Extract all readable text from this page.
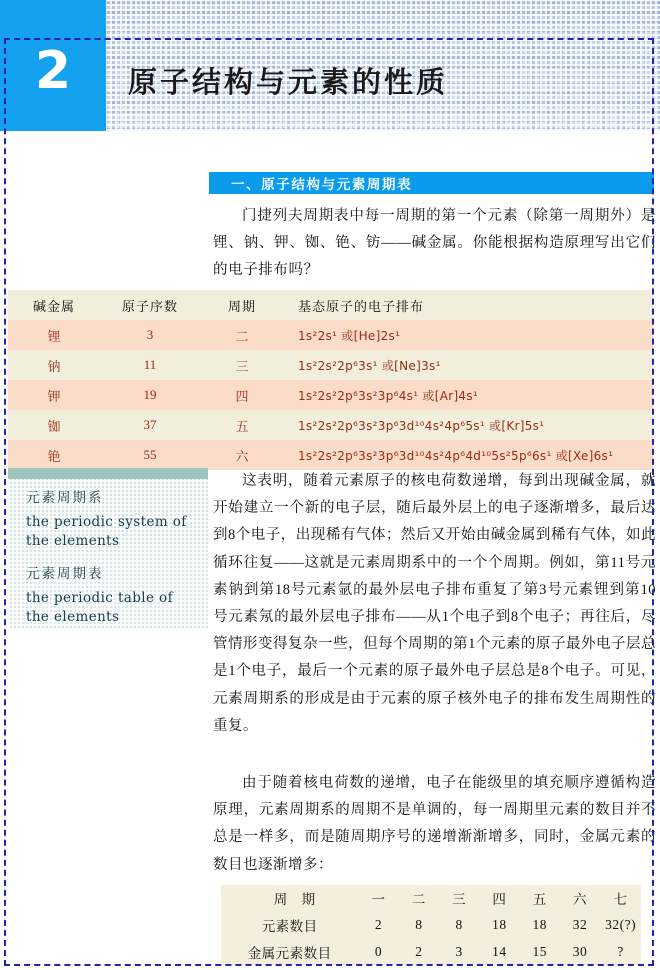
2 原子结构与元素的性质
一、原子结构与元素周期表
门捷列夫周期表中每一周期的第一个元素（除第一周期外）是锂、钠、钾、铷、铯、钫——碱金属。你能根据构造原理写出它们的电子排布吗？
碱金属	原子序数	周期	基态原子的电子排布
锂	3	二	1s²2s¹ 或[He]2s¹
钠	11	三	1s²2s²2p⁶3s¹ 或[Ne]3s¹
钾	19	四	1s²2s²2p⁶3s²3p⁶4s¹ 或[Ar]4s¹
铷	37	五	1s²2s²2p⁶3s²3p⁶3d¹⁰4s²4p⁶5s¹ 或[Kr]5s¹
铯	55	六	1s²2s²2p⁶3s²3p⁶3d¹⁰4s²4p⁶4d¹⁰5s²5p⁶6s¹ 或[Xe]6s¹
元素周期系
the periodic system of the elements
元素周期表
the periodic table of the elements
这表明，随着元素原子的核电荷数递增，每到出现碱金属，就开始建立一个新的电子层，随后最外层上的电子逐渐增多，最后达到8个电子，出现稀有气体；然后又开始由碱金属到稀有气体，如此循环往复——这就是元素周期系中的一个个周期。例如，第11号元素钠到第18号元素氩的最外层电子排布重复了第3号元素锂到第10号元素氖的最外层电子排布——从1个电子到8个电子；再往后，尽管情形变得复杂一些，但每个周期的第1个元素的原子最外电子层总是1个电子，最后一个元素的原子最外电子层总是8个电子。可见，元素周期系的形成是由于元素的原子核外电子的排布发生周期性的重复。
由于随着核电荷数的递增，电子在能级里的填充顺序遵循构造原理，元素周期系的周期不是单调的，每一周期里元素的数目并不总是一样多，而是随周期序号的递增渐渐增多，同时，金属元素的数目也逐渐增多：
周　期	一	二	三	四	五	六	七
元素数目	2	8	8	18	18	32	32(?)
金属元素数目	0	2	3	14	15	30	?
